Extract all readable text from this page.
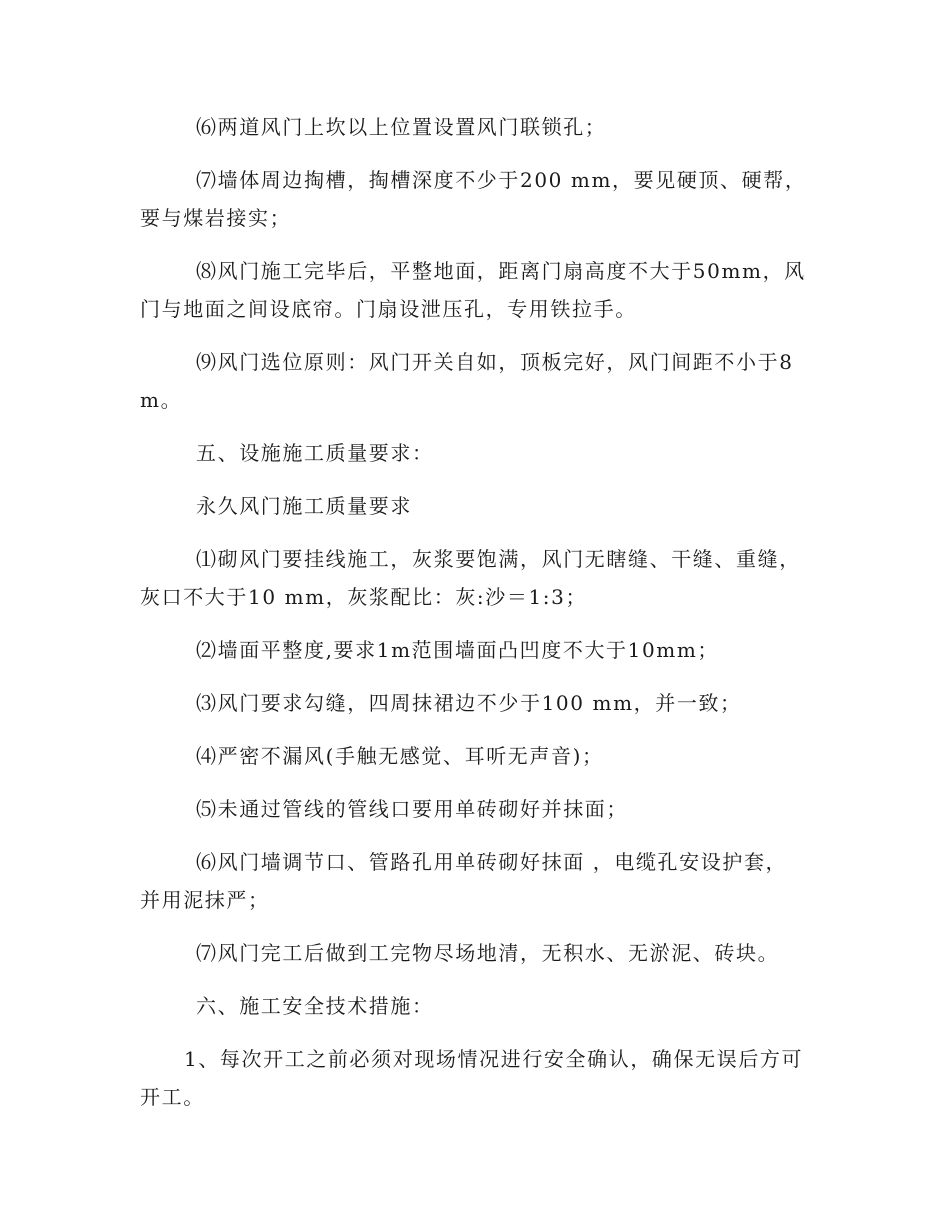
⑹两道风门上坎以上位置设置风门联锁孔；
⑺墙体周边掏槽，掏槽深度不少于200 mm，要见硬顶、硬帮，
要与煤岩接实；
⑻风门施工完毕后，平整地面，距离门扇高度不大于50mm，风
门与地面之间设底帘。门扇设泄压孔，专用铁拉手。
⑼风门选位原则：风门开关自如，顶板完好，风门间距不小于8
m。
五、设施施工质量要求：
永久风门施工质量要求
⑴砌风门要挂线施工，灰浆要饱满，风门无瞎缝、干缝、重缝，
灰口不大于10 mm，灰浆配比：灰:沙＝1:3；
⑵墙面平整度,要求1m范围墙面凸凹度不大于10mm；
⑶风门要求勾缝，四周抹裙边不少于100 mm，并一致；
⑷严密不漏风(手触无感觉、耳听无声音)；
⑸未通过管线的管线口要用单砖砌好并抹面；
⑹风门墙调节口、管路孔用单砖砌好抹面 ，电缆孔安设护套，
并用泥抹严；
⑺风门完工后做到工完物尽场地清，无积水、无淤泥、砖块。
六、施工安全技术措施：
1、每次开工之前必须对现场情况进行安全确认，确保无误后方可
开工。
